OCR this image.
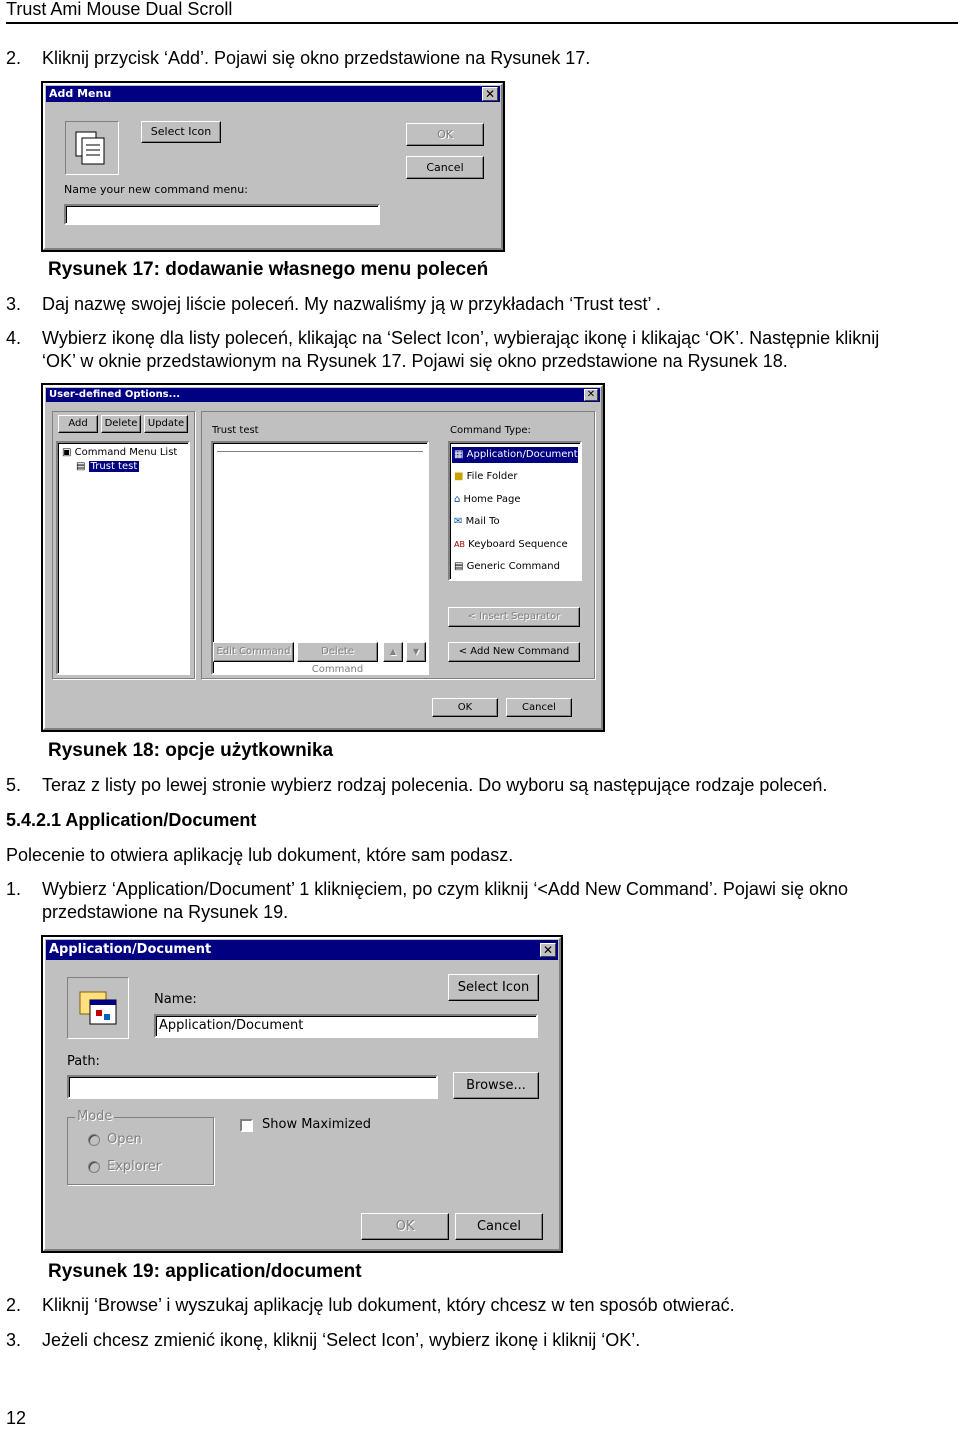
Trust Ami Mouse Dual Scroll
2. Kliknij przycisk ‘Add’. Pojawi się okno przedstawione na Rysunek 17.
Add Menu	✕
Select Icon	OK
Cancel
Name your new command menu:
Rysunek 17: dodawanie własnego menu poleceń
3. Daj nazwę swojej liście poleceń. My nazwaliśmy ją w przykładach ‘Trust test’ .
4. Wybierz ikonę dla listy poleceń, klikając na ‘Select Icon’, wybierając ikonę i klikając ‘OK’. Następnie kliknij
‘OK’ w oknie przedstawionym na Rysunek 17. Pojawi się okno przedstawione na Rysunek 18.
User-defined Options...	✕
Add	Delete	Update
▣ Command Menu List
▤ Trust test
Trust test	Command Type:
▦ Application/Document
■ File Folder
⌂ Home Page
✉ Mail To
AB Keyboard Sequence
▤ Generic Command
< Insert Separator
< Add New Command
Edit Command	Delete Command
▲	▼
OK	Cancel
Rysunek 18: opcje użytkownika
5. Teraz z listy po lewej stronie wybierz rodzaj polecenia. Do wyboru są następujące rodzaje poleceń.
5.4.2.1 Application/Document
Polecenie to otwiera aplikację lub dokument, które sam podasz.
1. Wybierz ‘Application/Document’ 1 kliknięciem, po czym kliknij ‘<Add New Command’. Pojawi się okno
przedstawione na Rysunek 19.
Application/Document	✕
Name:
Application/Document
Select Icon
Path:
Browse...
Mode
Open
Explorer
Show Maximized
OK	Cancel
Rysunek 19: application/document
2. Kliknij ‘Browse’ i wyszukaj aplikację lub dokument, który chcesz w ten sposób otwierać.
3. Jeżeli chcesz zmienić ikonę, kliknij ‘Select Icon’, wybierz ikonę i kliknij ‘OK’.
12
